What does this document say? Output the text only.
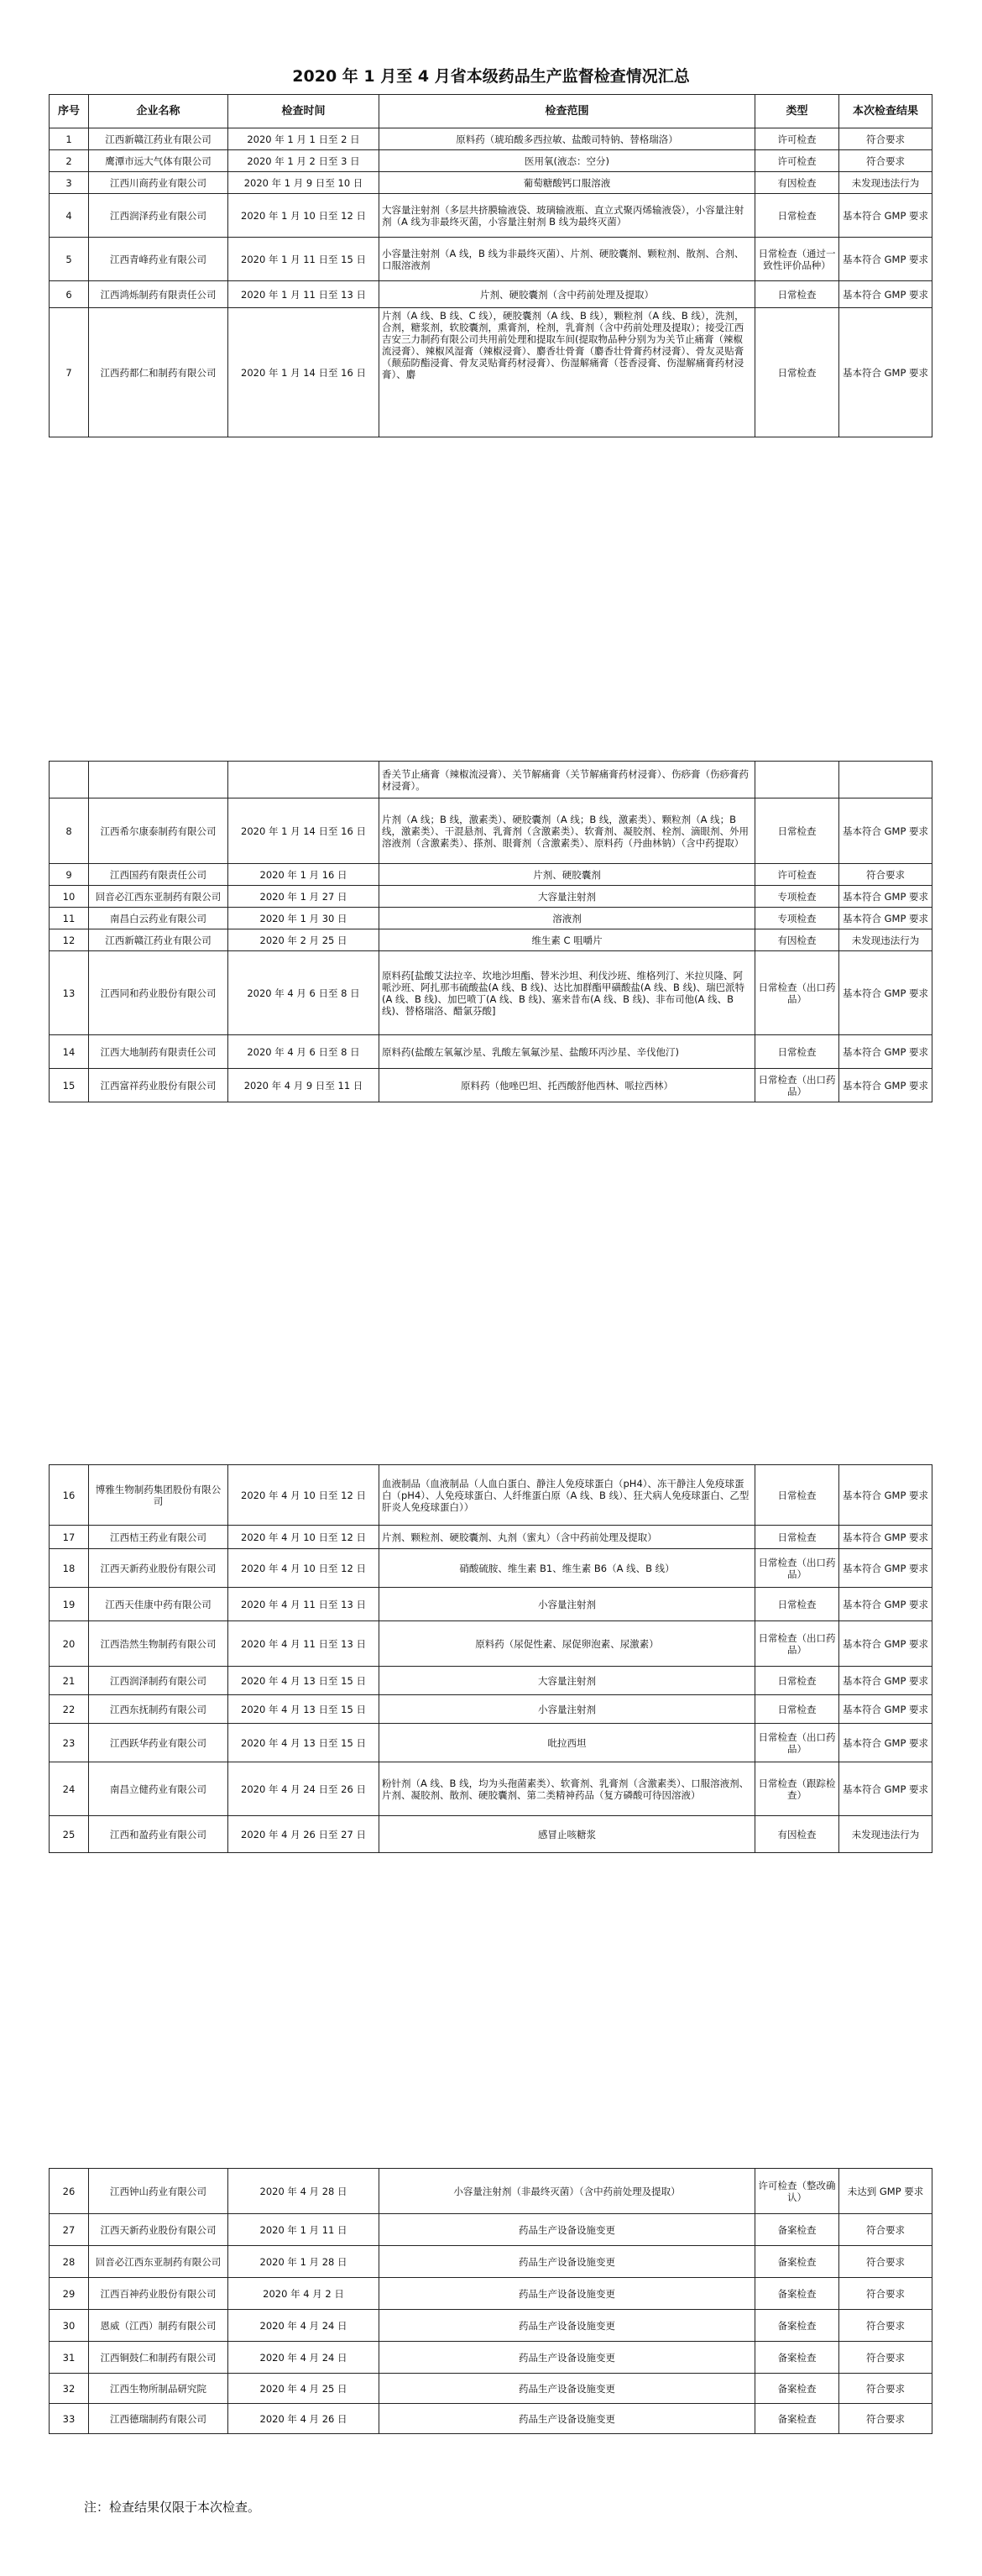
2020 年 1 月至 4 月省本级药品生产监督检查情况汇总
序号	企业名称	检查时间	检查范围	类型	本次检查结果
1	江西新赣江药业有限公司	2020 年 1 月 1 日至 2 日	原料药（琥珀酸多西拉敏、盐酸司特钠、替格瑞洛）	许可检查	符合要求
2	鹰潭市远大气体有限公司	2020 年 1 月 2 日至 3 日	医用氧(液态：空分)	许可检查	符合要求
3	江西川商药业有限公司	2020 年 1 月 9 日至 10 日	葡萄糖酸钙口服溶液	有因检查	未发现违法行为
4	江西润泽药业有限公司	2020 年 1 月 10 日至 12 日	大容量注射剂（多层共挤膜输液袋、玻璃输液瓶、直立式聚丙烯输液袋），小容量注射剂（A 线为非最终灭菌，小容量注射剂 B 线为最终灭菌）	日常检查	基本符合 GMP 要求
5	江西青峰药业有限公司	2020 年 1 月 11 日至 15 日	小容量注射剂（A 线，B 线为非最终灭菌）、片剂、硬胶囊剂、颗粒剂、散剂、合剂、口服溶液剂	日常检查（通过一致性评价品种）	基本符合 GMP 要求
6	江西鸿烁制药有限责任公司	2020 年 1 月 11 日至 13 日	片剂、硬胶囊剂（含中药前处理及提取）	日常检查	基本符合 GMP 要求
7	江西药都仁和制药有限公司	2020 年 1 月 14 日至 16 日	片剂（A 线、B 线、C 线），硬胶囊剂（A 线、B 线），颗粒剂（A 线、B 线），洗剂，合剂，糖浆剂，软胶囊剂，熏膏剂，栓剂，乳膏剂（含中药前处理及提取）；接受江西吉安三力制药有限公司共用前处理和提取车间(提取物品种分别为为关节止痛膏（辣椒流浸膏）、辣椒风湿膏（辣椒浸膏）、麝香壮骨膏（麝香壮骨膏药材浸膏）、骨友灵贴膏（颠茄防酯浸膏、骨友灵贴膏药材浸膏）、伤湿解痛膏（苍香浸膏、伤湿解痛膏药材浸膏）、麝	日常检查	基本符合 GMP 要求
			香关节止痛膏（辣椒流浸膏）、关节解痛膏（关节解痛膏药材浸膏）、伤痧膏（伤痧膏药材浸膏）。		
8	江西希尔康泰制药有限公司	2020 年 1 月 14 日至 16 日	片剂（A 线；B 线，激素类）、硬胶囊剂（A 线；B 线，激素类）、颗粒剂（A 线；B 线，激素类）、干混悬剂、乳膏剂（含激素类）、软膏剂、凝胶剂、栓剂、滴眼剂、外用溶液剂（含激素类）、搽剂、眼膏剂（含激素类）、原料药（丹曲林钠）（含中药提取）	日常检查	基本符合 GMP 要求
9	江西国药有限责任公司	2020 年 1 月 16 日	片剂、硬胶囊剂	许可检查	符合要求
10	回音必江西东亚制药有限公司	2020 年 1 月 27 日	大容量注射剂	专项检查	基本符合 GMP 要求
11	南昌白云药业有限公司	2020 年 1 月 30 日	溶液剂	专项检查	基本符合 GMP 要求
12	江西新赣江药业有限公司	2020 年 2 月 25 日	维生素 C 咀嚼片	有因检查	未发现违法行为
13	江西同和药业股份有限公司	2020 年 4 月 6 日至 8 日	原料药[盐酸艾法拉辛、坎地沙坦酯、替米沙坦、利伐沙班、维格列汀、米拉贝隆、阿哌沙班、阿扎那韦硫酸盐(A 线、B 线)、达比加群酯甲磺酸盐(A 线、B 线)、瑞巴派特(A 线、B 线)、加巴喷丁(A 线、B 线)、塞来昔布(A 线、B 线)、非布司他(A 线、B 线)、替格瑞洛、醋氯芬酸]	日常检查（出口药品）	基本符合 GMP 要求
14	江西大地制药有限责任公司	2020 年 4 月 6 日至 8 日	原料药(盐酸左氧氟沙星、乳酸左氧氟沙星、盐酸环丙沙星、辛伐他汀)	日常检查	基本符合 GMP 要求
15	江西富祥药业股份有限公司	2020 年 4 月 9 日至 11 日	原料药（他唑巴坦、托西酸舒他西林、哌拉西林）	日常检查（出口药品）	基本符合 GMP 要求
16	博雅生物制药集团股份有限公司	2020 年 4 月 10 日至 12 日	血液制品（血液制品（人血白蛋白、静注人免疫球蛋白（pH4）、冻干静注人免疫球蛋白（pH4）、人免疫球蛋白、人纤维蛋白原（A 线、B 线）、狂犬病人免疫球蛋白、乙型肝炎人免疫球蛋白））	日常检查	基本符合 GMP 要求
17	江西桔王药业有限公司	2020 年 4 月 10 日至 12 日	片剂、颗粒剂、硬胶囊剂、丸剂（蜜丸）（含中药前处理及提取）	日常检查	基本符合 GMP 要求
18	江西天新药业股份有限公司	2020 年 4 月 10 日至 12 日	硝酸硫胺、维生素 B1、维生素 B6（A 线、B 线）	日常检查（出口药品）	基本符合 GMP 要求
19	江西天佳康中药有限公司	2020 年 4 月 11 日至 13 日	小容量注射剂	日常检查	基本符合 GMP 要求
20	江西浩然生物制药有限公司	2020 年 4 月 11 日至 13 日	原料药（尿促性素、尿促卵泡素、尿激素）	日常检查（出口药品）	基本符合 GMP 要求
21	江西润泽制药有限公司	2020 年 4 月 13 日至 15 日	大容量注射剂	日常检查	基本符合 GMP 要求
22	江西东抚制药有限公司	2020 年 4 月 13 日至 15 日	小容量注射剂	日常检查	基本符合 GMP 要求
23	江西跃华药业有限公司	2020 年 4 月 13 日至 15 日	吡拉西坦	日常检查（出口药品）	基本符合 GMP 要求
24	南昌立健药业有限公司	2020 年 4 月 24 日至 26 日	粉针剂（A 线、B 线，均为头孢菌素类）、软膏剂、乳膏剂（含激素类）、口服溶液剂、片剂、凝胶剂、散剂、硬胶囊剂、第二类精神药品（复方磷酸可待因溶液）	日常检查（跟踪检查）	基本符合 GMP 要求
25	江西和盈药业有限公司	2020 年 4 月 26 日至 27 日	感冒止咳糖浆	有因检查	未发现违法行为
26	江西钟山药业有限公司	2020 年 4 月 28 日	小容量注射剂（非最终灭菌）（含中药前处理及提取）	许可检查（整改确认）	未达到 GMP 要求
27	江西天新药业股份有限公司	2020 年 1 月 11 日	药品生产设备设施变更	备案检查	符合要求
28	回音必江西东亚制药有限公司	2020 年 1 月 28 日	药品生产设备设施变更	备案检查	符合要求
29	江西百神药业股份有限公司	2020 年 4 月 2 日	药品生产设备设施变更	备案检查	符合要求
30	恩威（江西）制药有限公司	2020 年 4 月 24 日	药品生产设备设施变更	备案检查	符合要求
31	江西铜鼓仁和制药有限公司	2020 年 4 月 24 日	药品生产设备设施变更	备案检查	符合要求
32	江西生物所制品研究院	2020 年 4 月 25 日	药品生产设备设施变更	备案检查	符合要求
33	江西德瑞制药有限公司	2020 年 4 月 26 日	药品生产设备设施变更	备案检查	符合要求
注：检查结果仅限于本次检查。
